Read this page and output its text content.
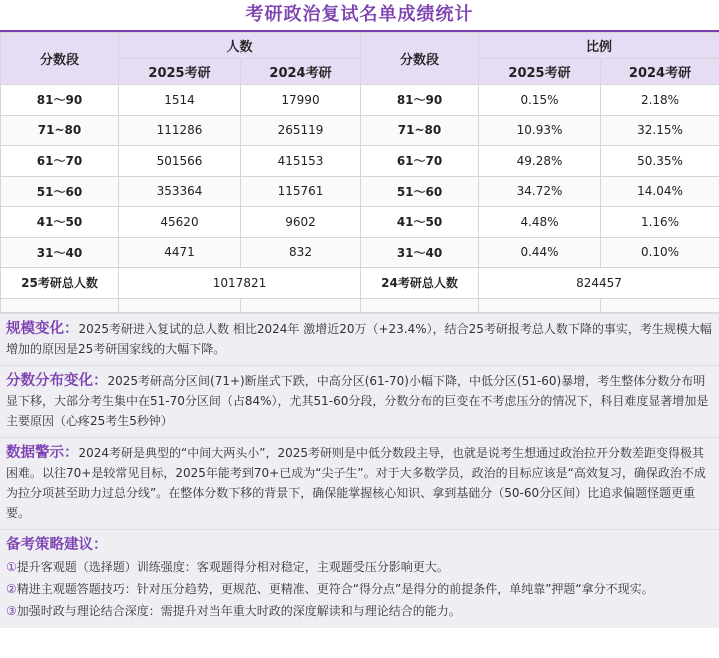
考研政治复试名单成绩统计
分数段	人数		分数段	比例	
	2025考研	2024考研		2025考研	2024考研
81～90	1514	17990	81～90	0.15%	2.18%
71~80	111286	265119	71~80	10.93%	32.15%
61～70	501566	415153	61～70	49.28%	50.35%
51～60	353364	115761	51～60	34.72%	14.04%
41～50	45620	9602	41～50	4.48%	1.16%
31～40	4471	832	31～40	0.44%	0.10%
25考研总人数	1017821		24考研总人数	824457	

规模变化：2025考研进入复试的总人数 相比2024年 激增近20万（+23.4%），结合25考研报考总人数下降的事实，考生规模大幅增加的原因是25考研国家线的大幅下降。
分数分布变化：2025考研高分区间(71+)断崖式下跌，中高分区(61-70)小幅下降，中低分区(51-60)暴增，考生整体分数分布明显下移，大部分考生集中在51-70分区间（占84%），尤其51-60分段，分数分布的巨变在不考虑压分的情况下，科目难度显著增加是主要原因（心疼25考生5秒钟）
数据警示：2024考研是典型的“中间大两头小”，2025考研则是中低分数段主导，也就是说考生想通过政治拉开分数差距变得极其困难。以往70+是较常见目标，2025年能考到70+已成为“尖子生”。对于大多数学员，政治的目标应该是“高效复习，确保政治不成为拉分项甚至助力过总分线”。在整体分数下移的背景下，确保能掌握核心知识、拿到基础分（50-60分区间）比追求偏题怪题更重要。
备考策略建议：
①提升客观题（选择题）训练强度：客观题得分相对稳定，主观题受压分影响更大。
②精进主观题答题技巧：针对压分趋势，更规范、更精准、更符合“得分点”是得分的前提条件，单纯靠”押题“拿分不现实。
③加强时政与理论结合深度：需提升对当年重大时政的深度解读和与理论结合的能力。
